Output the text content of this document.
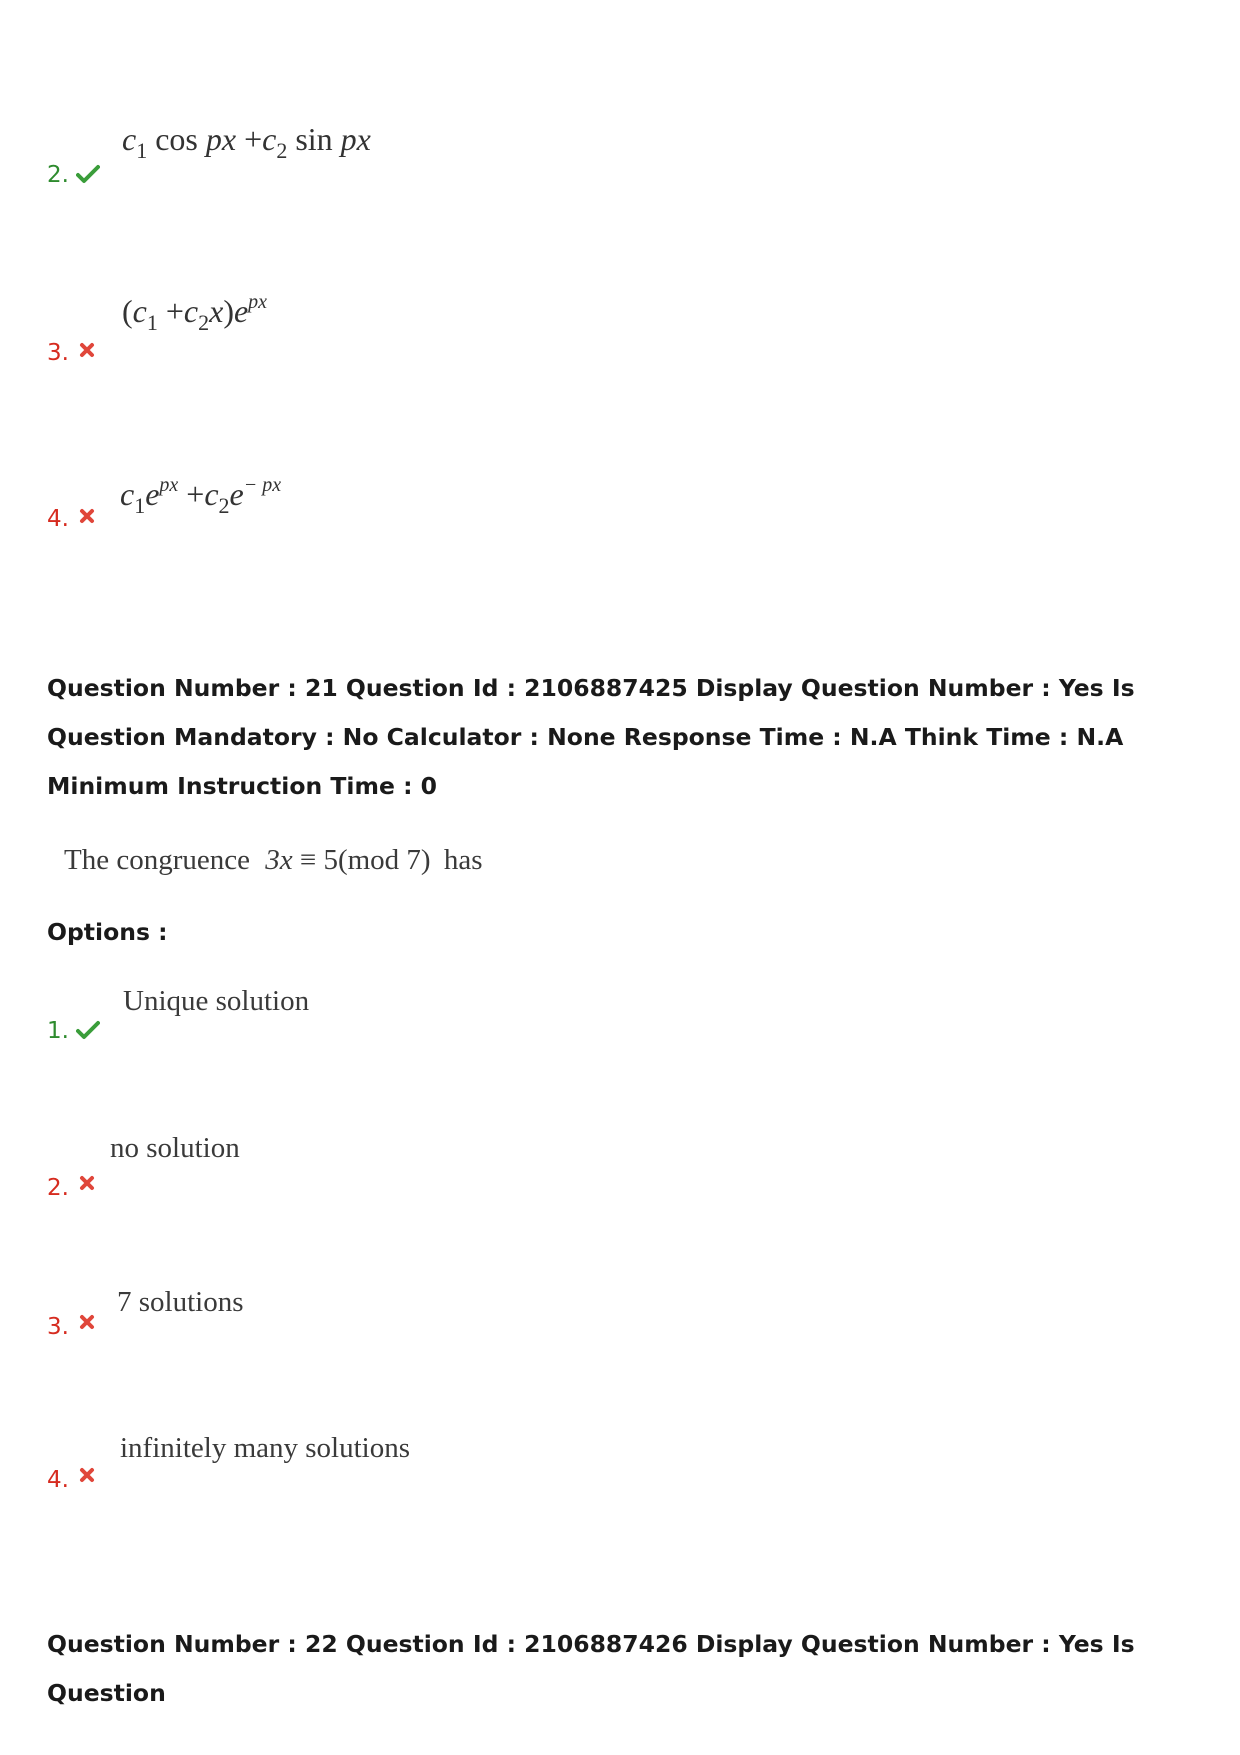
$c_1$ cos px $+c_2$ sin px
2.
$(c_1 +c_2x)e^{px}$
3.
$c_1e^{px} +c_2e^{- px}$
4.
Question Number : 21 Question Id : 2106887425 Display Question Number : Yes Is Question Mandatory : No Calculator : None Response Time : N.A Think Time : N.A Minimum Instruction Time : 0
The congruence 3x ≡ 5(mod 7) has
Options :
Unique solution
1.
no solution
2.
7 solutions
3.
infinitely many solutions
4.
Question Number : 22 Question Id : 2106887426 Display Question Number : Yes Is Question
